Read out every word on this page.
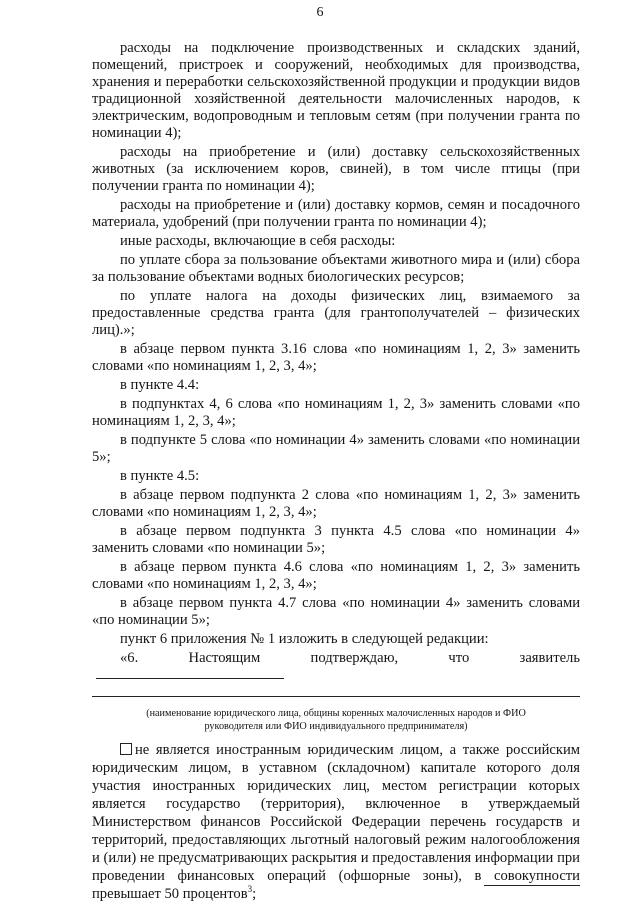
6

расходы на подключение производственных и складских зданий, помещений, пристроек и сооружений, необходимых для производства, хранения и переработки сельскохозяйственной продукции и продукции видов традиционной хозяйственной деятельности малочисленных народов, к электрическим, водопроводным и тепловым сетям (при получении гранта по номинации 4);

расходы на приобретение и (или) доставку сельскохозяйственных животных (за исключением коров, свиней), в том числе птицы (при получении гранта по номинации 4);

расходы на приобретение и (или) доставку кормов, семян и посадочного материала, удобрений (при получении гранта по номинации 4);

иные расходы, включающие в себя расходы:

по уплате сбора за пользование объектами животного мира и (или) сбора за пользование объектами водных биологических ресурсов;

по уплате налога на доходы физических лиц, взимаемого за предоставленные средства гранта (для грантополучателей – физических лиц).»;

в абзаце первом пункта 3.16 слова «по номинациям 1, 2, 3» заменить словами «по номинациям 1, 2, 3, 4»;

в пункте 4.4:

в подпунктах 4, 6 слова «по номинациям 1, 2, 3» заменить словами «по номинациям 1, 2, 3, 4»;

в подпункте 5 слова «по номинации 4» заменить словами «по номинации 5»;

в пункте 4.5:

в абзаце первом подпункта 2 слова «по номинациям 1, 2, 3» заменить словами «по номинациям 1, 2, 3, 4»;

в абзаце первом подпункта 3 пункта 4.5 слова «по номинации 4» заменить словами «по номинации 5»;

в абзаце первом пункта 4.6 слова «по номинациям 1, 2, 3» заменить словами «по номинациям 1, 2, 3, 4»;

в абзаце первом пункта 4.7 слова «по номинации 4» заменить словами «по номинации 5»;

пункт 6 приложения № 1 изложить в следующей редакции:

«6. Настоящим подтверждаю, что заявитель

(наименование юридического лица, общины коренных малочисленных народов и ФИО
руководителя или ФИО индивидуального предпринимателя)

не является иностранным юридическим лицом, а также российским юридическим лицом, в уставном (складочном) капитале которого доля участия иностранных юридических лиц, местом регистрации которых является государство (территория), включенное в утверждаемый Министерством финансов Российской Федерации перечень государств и территорий, предоставляющих льготный налоговый режим налогообложения и (или) не предусматривающих раскрытия и предоставления информации при проведении финансовых операций (офшорные зоны), в совокупности превышает 50 процентов$^3$;
